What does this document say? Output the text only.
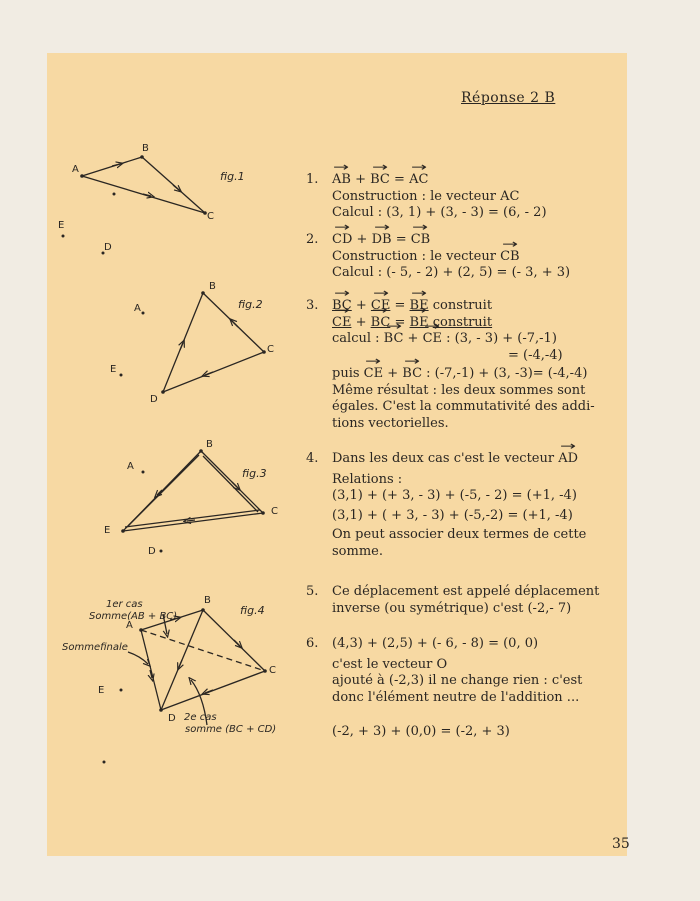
Réponse 2 B
35
A
B
C
E
D
fig.1
A
B
C
D
E
fig.2
A
B
C
E
D
fig.3
A
B
C
D
E
fig.4
1er cas
Somme(AB + BC)
Sommefinale
2e cas
somme (BC + CD)
1.	→ AB + → BC = → AC
Construction : le vecteur AC
Calcul : (3, 1) + (3, - 3) = (6, - 2)
2.	→ CD + → DB = → CB
Construction : le vecteur → CB
Calcul : (- 5, - 2) + (2, 5) = (- 3, + 3)
3.	→ BC + → CE = → BE construit
→ CE + → BC = → BE construit
calcul : → BC + → CE : (3, - 3) + (-7,-1)
= (-4,-4)
puis → CE + → BC : (-7,-1) + (3, -3)= (-4,-4)
Même résultat : les deux sommes sont
égales. C'est la commutativité des addi-
tions vectorielles.
4.	Dans les deux cas c'est le vecteur → AD
Relations :
(3,1) + (+ 3, - 3) + (-5, - 2) = (+1, -4)
(3,1) + ( + 3, - 3) + (-5,-2) = (+1, -4)
On peut associer deux termes de cette
somme.
5.	Ce déplacement est appelé déplacement
inverse (ou symétrique) c'est (-2,- 7)
6.	(4,3) + (2,5) + (- 6, - 8) = (0, 0)
c'est le vecteur O
ajouté à (-2,3) il ne change rien : c'est
donc l'élément neutre de l'addition ...
(-2, + 3) + (0,0) = (-2, + 3)
